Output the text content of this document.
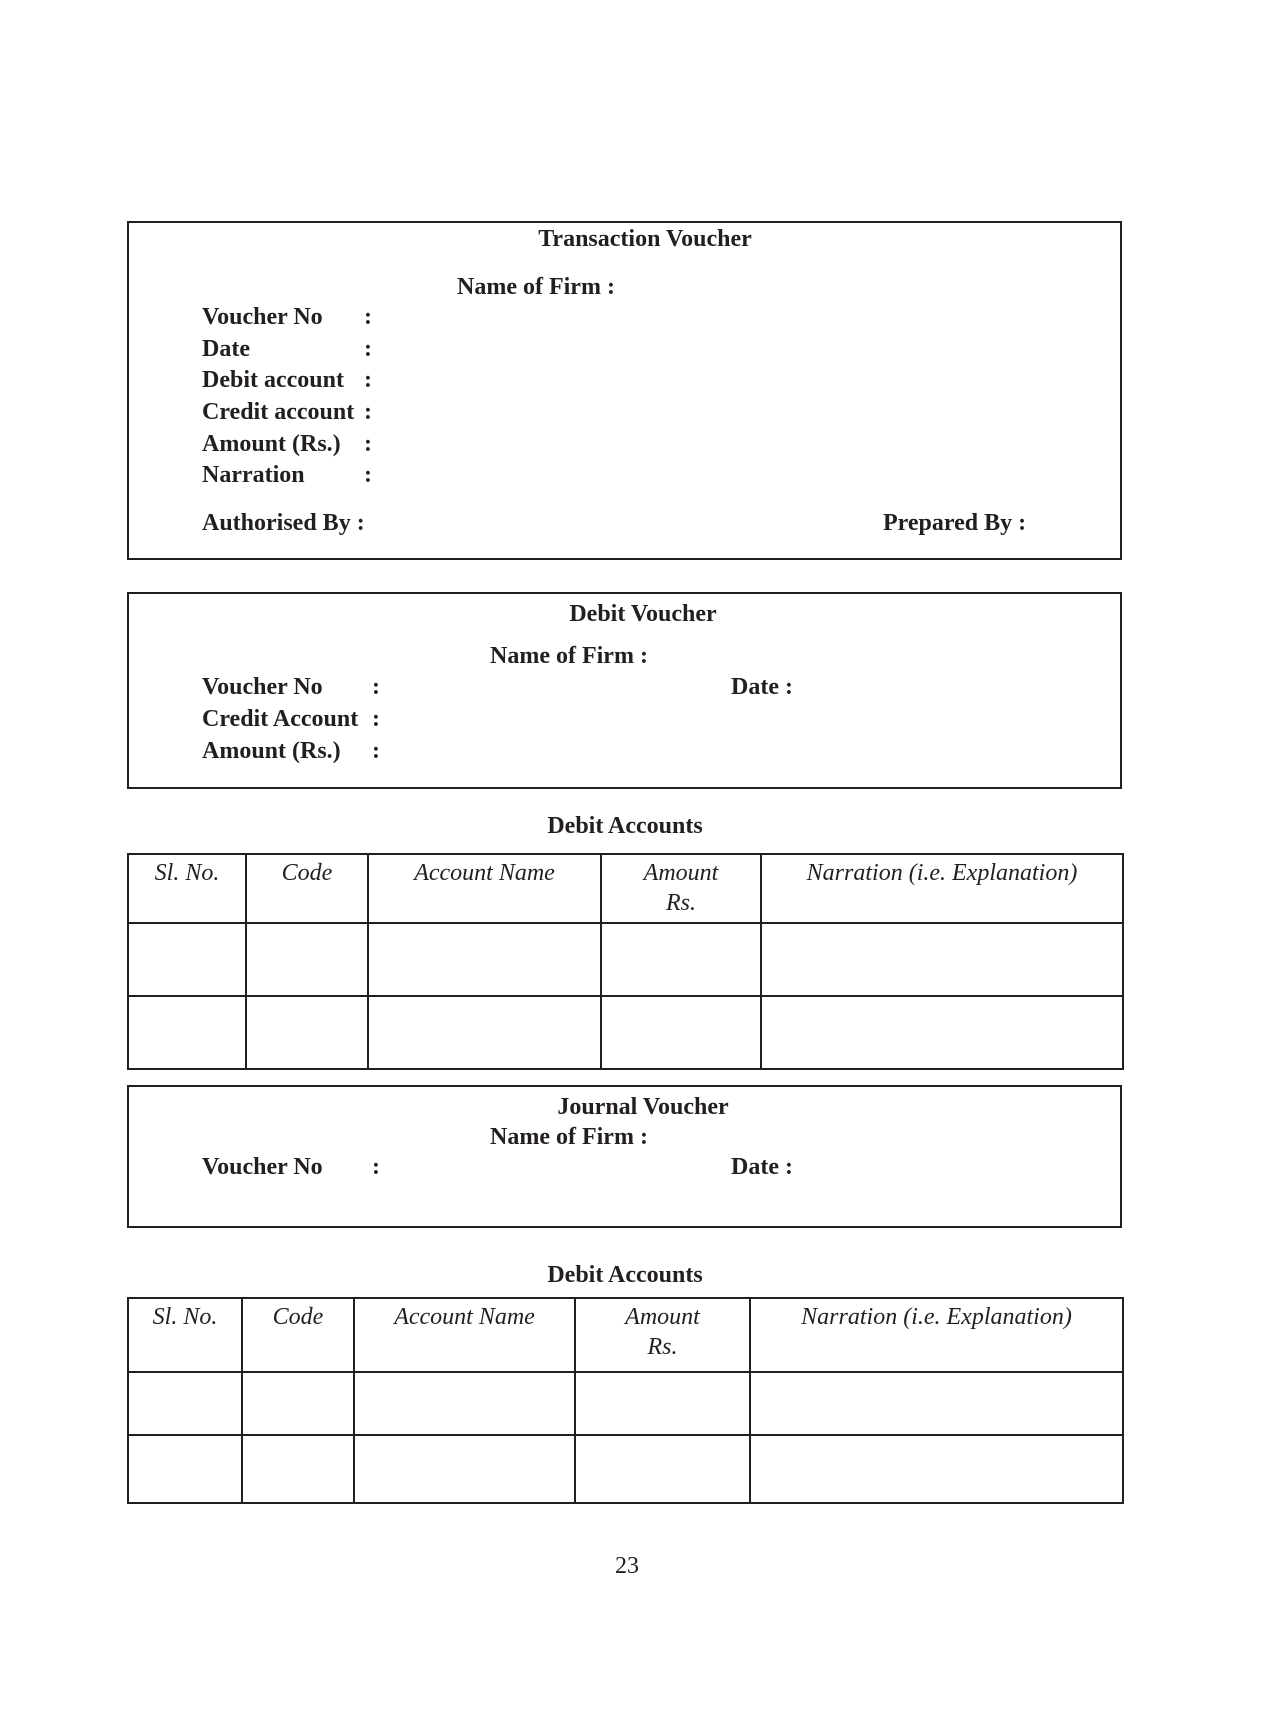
Transaction Voucher
Name of Firm :
Voucher No :
Date	:
Debit account :
Credit account :
Amount (Rs.) :
Narration :
Authorised By :	Prepared By :
Debit Voucher
Name of Firm :
Voucher No :	Date :
Credit Account :
Amount (Rs.) :
Debit Accounts
Sl. No.	Code	Account Name	Amount Rs.	Narration (i.e. Explanation)

Journal Voucher
Name of Firm :
Voucher No :	Date :
Debit Accounts
Sl. No.	Code	Account Name	Amount Rs.	Narration (i.e. Explanation)

23
